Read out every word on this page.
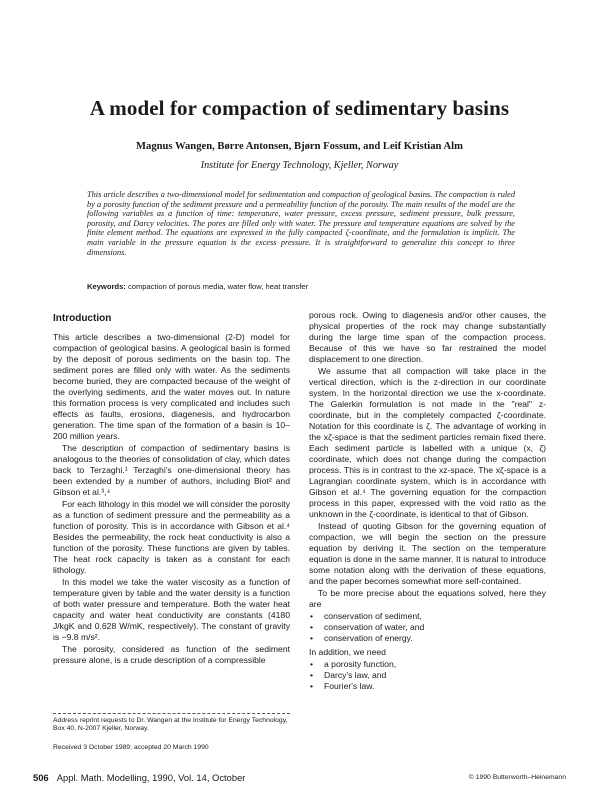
A model for compaction of sedimentary basins
Magnus Wangen, Børre Antonsen, Bjørn Fossum, and Leif Kristian Alm
Institute for Energy Technology, Kjeller, Norway

This article describes a two-dimensional model for sedimentation and compaction of geological basins. The compaction is ruled by a porosity function of the sediment pressure and a permeability function of the porosity. The main results of the model are the following variables as a function of time: temperature, water pressure, excess pressure, sediment pressure, bulk pressure, porosity, and Darcy velocities. The pores are filled only with water. The pressure and temperature equations are solved by the finite element method. The equations are expressed in the fully compacted ζ-coordinate, and the formulation is implicit. The main variable in the pressure equation is the excess pressure. It is straightforward to generalize this concept to three dimensions.

Keywords: compaction of porous media, water flow, heat transfer
Introduction

This article describes a two-dimensional (2-D) model for compaction of geological basins. A geological basin is formed by the deposit of porous sediments on the basin top. The sediment pores are filled only with water. As the sediments become buried, they are compacted because of the weight of the overlying sediments, and the water moves out. In nature this formation process is very complicated and includes such effects as faults, erosions, diagenesis, and hydrocarbon generation. The time span of the formation of a basin is 10–200 million years.

The description of compaction of sedimentary basins is analogous to the theories of consolidation of clay, which dates back to Terzaghi.¹ Terzaghi's one-dimensional theory has been extended by a number of authors, including Biot² and Gibson et al.³,⁴

For each lithology in this model we will consider the porosity as a function of sediment pressure and the permeability as a function of porosity. This is in accordance with Gibson et al.⁴ Besides the permeability, the rock heat conductivity is also a function of the porosity. These functions are given by tables. The heat rock capacity is taken as a constant for each lithology.

In this model we take the water viscosity as a function of temperature given by table and the water density is a function of both water pressure and temperature. Both the water heat capacity and water heat conductivity are constants (4180 J/kgK and 0.628 W/mK, respectively). The constant of gravity is −9.8 m/s².

The porosity, considered as function of the sediment pressure alone, is a crude description of a compressible

porous rock. Owing to diagenesis and/or other causes, the physical properties of the rock may change substantially during the large time span of the compaction process. Because of this we have so far restrained the model displacement to one direction.

We assume that all compaction will take place in the vertical direction, which is the z-direction in our coordinate system. In the horizontal direction we use the x-coordinate. The Galerkin formulation is not made in the "real" z-coordinate, but in the completely compacted ζ-coordinate. Notation for this coordinate is ζ. The advantage of working in the xζ-space is that the sediment particles remain fixed there. Each sediment particle is labelled with a unique (x, ζ) coordinate, which does not change during the compaction process. This is in contrast to the xz-space. The xζ-space is a Lagrangian coordinate system, which is in accordance with Gibson et al.⁴ The governing equation for the compaction process in this paper, expressed with the void ratio as the unknown in the ζ-coordinate, is identical to that of Gibson.

Instead of quoting Gibson for the governing equation of compaction, we will begin the section on the pressure equation by deriving it. The section on the temperature equation is done in the same manner. It is natural to introduce some notation along with the derivation of these equations, and the paper becomes somewhat more self-contained.

To be more precise about the equations solved, here they are

• conservation of sediment,
• conservation of water, and
• conservation of energy.

In addition, we need

• a porosity function,
• Darcy's law, and
• Fourier's law.
Address reprint requests to Dr. Wangen at the Institute for Energy Technology, Box 40, N-2007 Kjeller, Norway.
Received 3 October 1989; accepted 20 March 1990
506 Appl. Math. Modelling, 1990, Vol. 14, October	© 1990 Butterworth–Heinemann
